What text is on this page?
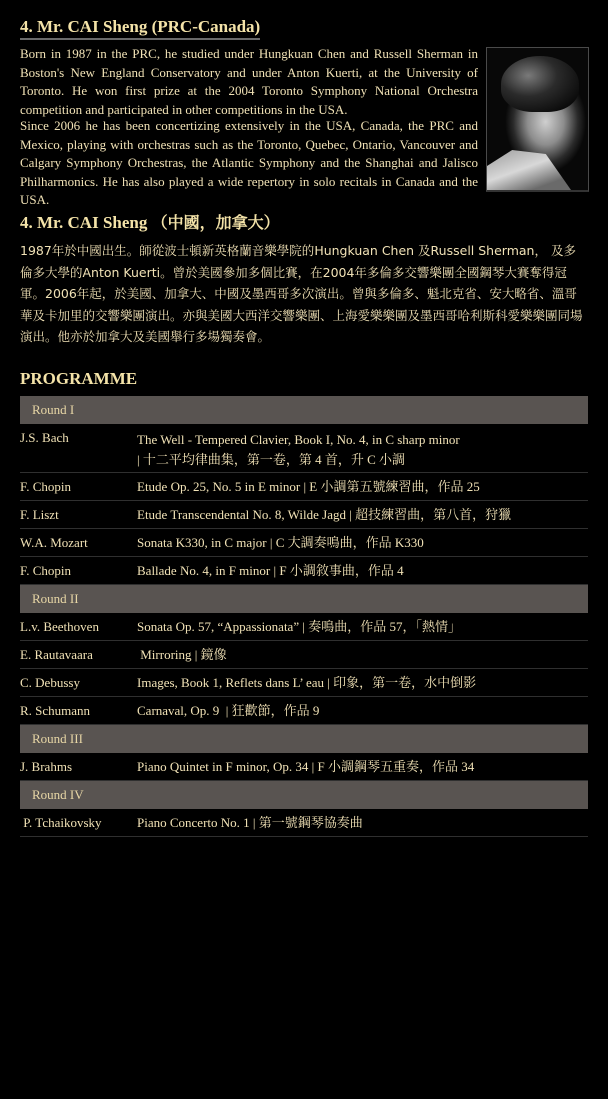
4. Mr. CAI Sheng (PRC-Canada)

Born in 1987 in the PRC, he studied under Hungkuan Chen and Russell Sherman in Boston's New England Conservatory and under Anton Kuerti, at the University of Toronto. He won first prize at the 2004 Toronto Symphony National Orchestra competition and participated in other competitions in the USA.

Since 2006 he has been concertizing extensively in the USA, Canada, the PRC and Mexico, playing with orchestras such as the Toronto, Quebec, Ontario, Vancouver and Calgary Symphony Orchestras, the Atlantic Symphony and the Shanghai and Jalisco Philharmonics. He has also played a wide repertory in solo recitals in Canada and the USA.

4. Mr. CAI Sheng （中國，加拿大）

1987年於中國出生。師從波士頓新英格蘭音樂學院的Hungkuan Chen 及Russell Sherman， 及多倫多大學的Anton Kuerti。曾於美國參加多個比賽，在2004年多倫多交響樂團全國鋼琴大賽奪得冠軍。2006年起，於美國、加拿大、中國及墨西哥多次演出。曾與多倫多、魁北克省、安大略省、溫哥華及卡加里的交響樂團演出。亦與美國大西洋交響樂團、上海愛樂樂團及墨西哥哈利斯科愛樂樂團同場演出。他亦於加拿大及美國舉行多場獨奏會。

PROGRAMME
Round I
J.S. Bach	The Well - Tempered Clavier, Book I, No. 4, in C sharp minor
| 十二平均律曲集，第一卷，第 4 首，升 C 小調
F. Chopin	Etude Op. 25, No. 5 in E minor | E 小調第五號練習曲，作品 25
F. Liszt	Etude Transcendental No. 8, Wilde Jagd | 超技練習曲，第八首，狩獵
W.A. Mozart	Sonata K330, in C major | C 大調奏鳴曲，作品 K330
F. Chopin	Ballade No. 4, in F minor | F 小調敘事曲，作品 4
Round II
L.v. Beethoven	Sonata Op. 57, “Appassionata” | 奏鳴曲，作品 57，「熱情」
E. Rautavaara	Mirroring | 鏡像
C. Debussy	Images, Book 1, Reflets dans L’ eau | 印象，第一卷，水中倒影
R. Schumann	Carnaval, Op. 9  | 狂歡節，作品 9
Round III
J. Brahms	Piano Quintet in F minor, Op. 34 | F 小調鋼琴五重奏，作品 34
Round IV
P. Tchaikovsky	Piano Concerto No. 1 | 第一號鋼琴協奏曲
